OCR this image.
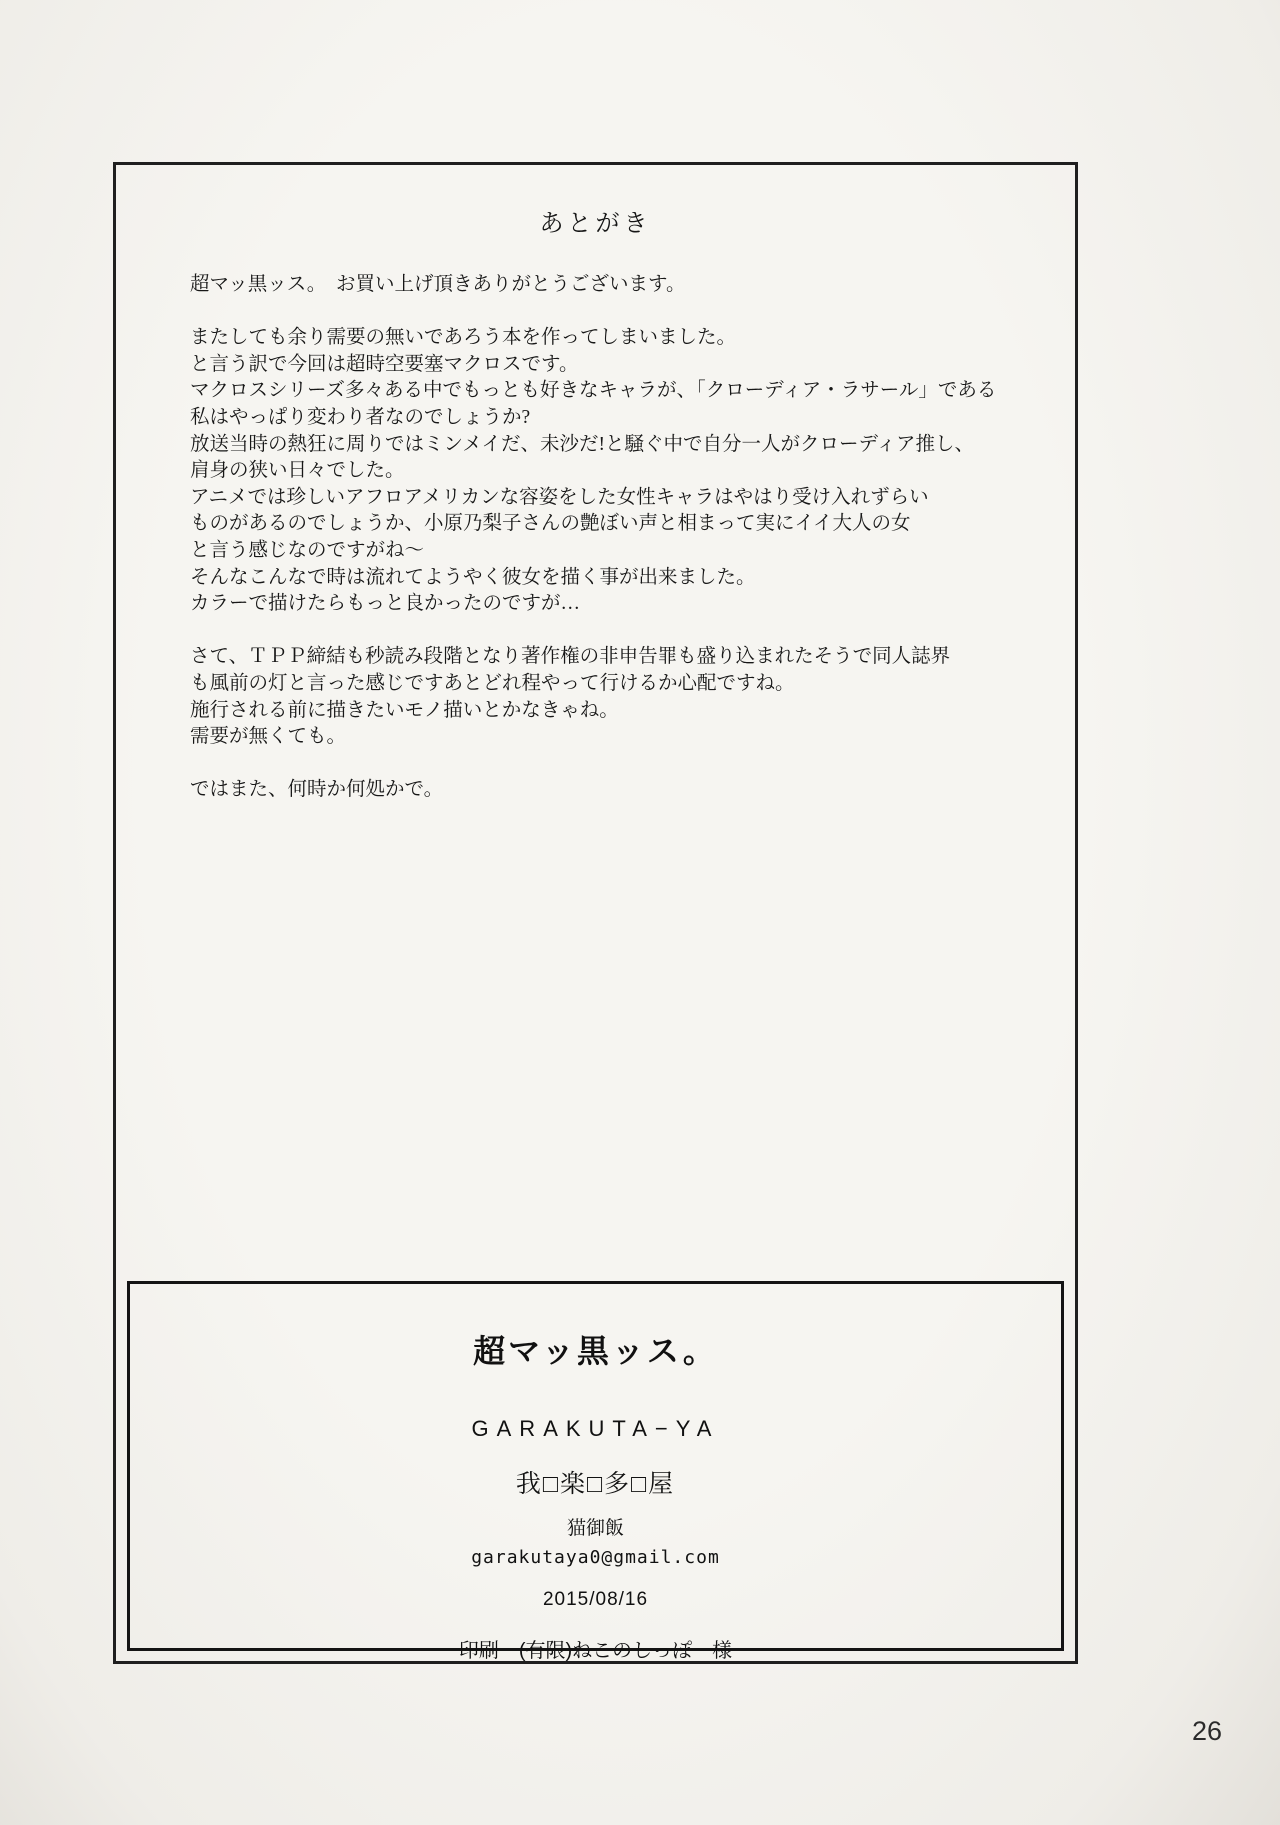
あとがき
超マッ黒ッス。　お買い上げ頂きありがとうございます。
またしても余り需要の無いであろう本を作ってしまいました。
と言う訳で今回は超時空要塞マクロスです。
マクロスシリーズ多々ある中でもっとも好きなキャラが、「クローディア・ラサール」である
私はやっぱり変わり者なのでしょうか?
放送当時の熱狂に周りではミンメイだ、未沙だ!と騒ぐ中で自分一人がクローディア推し、
肩身の狭い日々でした。
アニメでは珍しいアフロアメリカンな容姿をした女性キャラはやはり受け入れずらい
ものがあるのでしょうか、小原乃梨子さんの艶ぼい声と相まって実にイイ大人の女
と言う感じなのですがね〜
そんなこんなで時は流れてようやく彼女を描く事が出来ました。
カラーで描けたらもっと良かったのですが…
さて、ＴＰＰ締結も秒読み段階となり著作権の非申告罪も盛り込まれたそうで同人誌界
も風前の灯と言った感じですあとどれ程やって行けるか心配ですね。
施行される前に描きたいモノ描いとかなきゃね。
需要が無くても。
ではまた、何時か何処かで。
超マッ黒ッス。
GARAKUTA−YA
我□楽□多□屋
猫御飯
garakutaya0@gmail.com
2015/08/16
印刷　(有限)ねこのしっぽ　様
26
